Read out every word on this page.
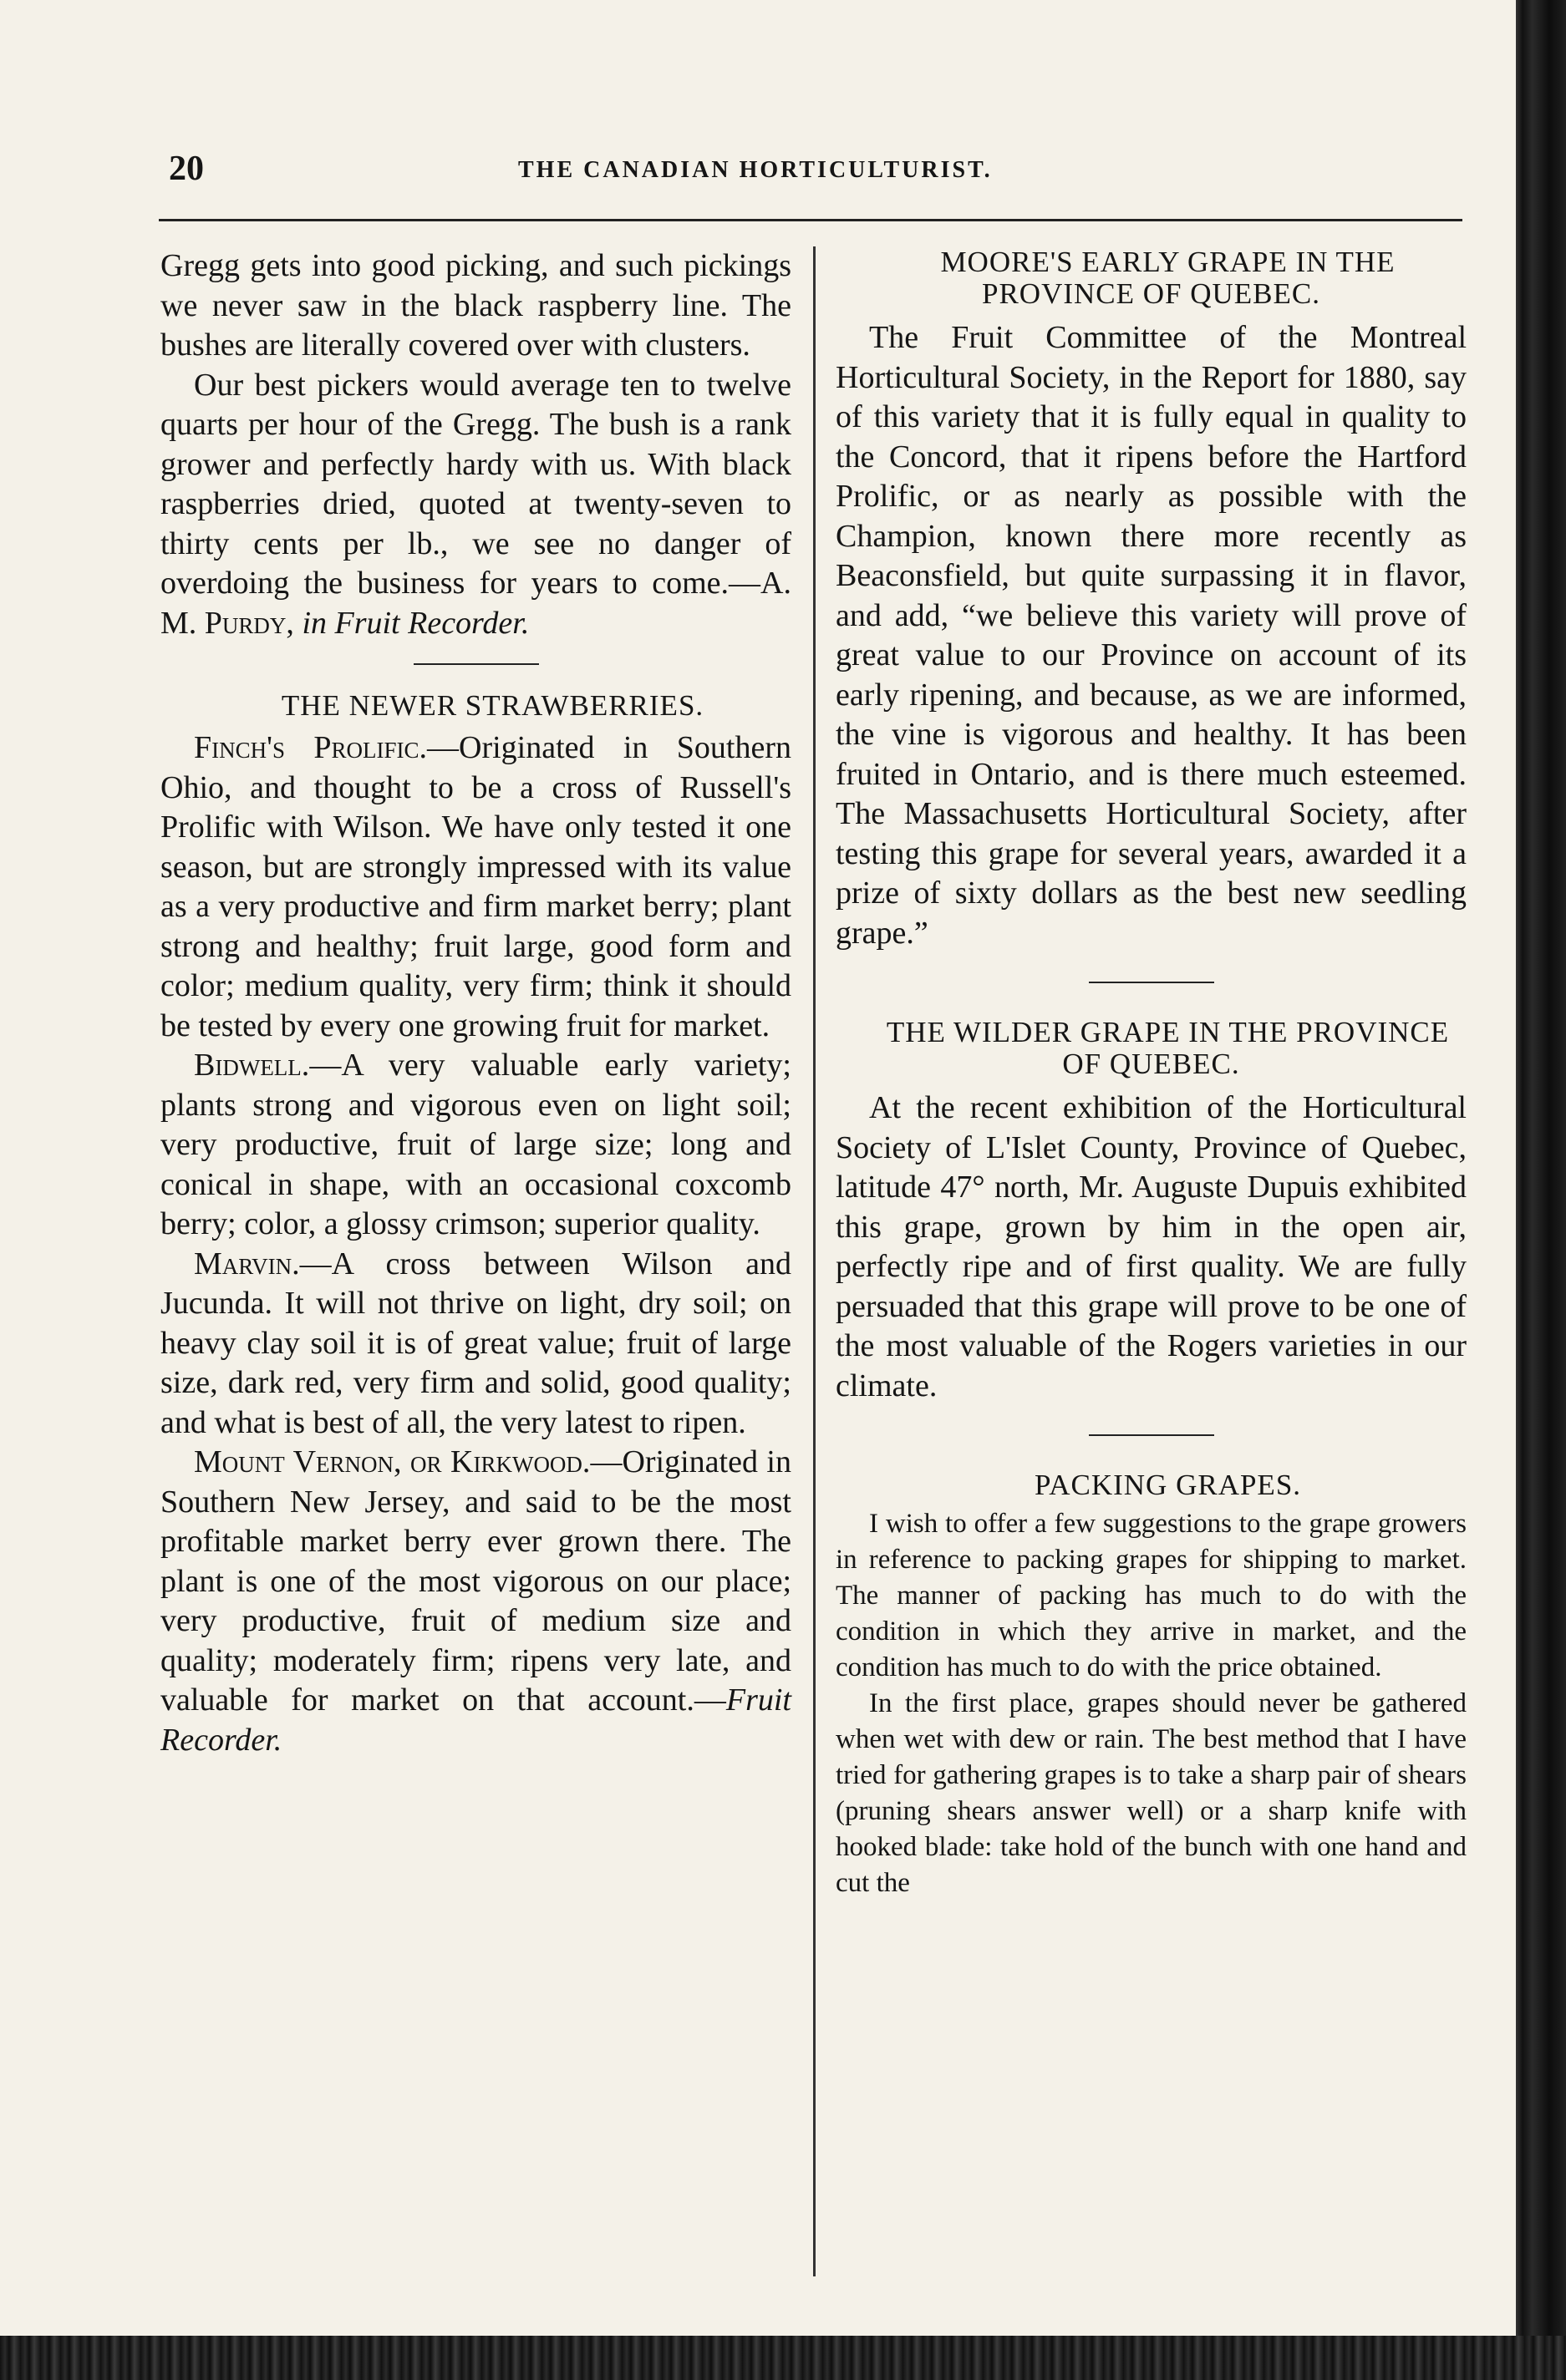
20	THE CANADIAN HORTICULTURIST.

Gregg gets into good picking, and such pickings we never saw in the black raspberry line. The bushes are literally covered over with clusters.

Our best pickers would average ten to twelve quarts per hour of the Gregg. The bush is a rank grower and perfectly hardy with us. With black raspberries dried, quoted at twenty-seven to thirty cents per lb., we see no danger of overdoing the business for years to come.—A. M. Purdy, in Fruit Recorder.

THE NEWER STRAWBERRIES.

Finch's Prolific.—Originated in Southern Ohio, and thought to be a cross of Russell's Prolific with Wilson. We have only tested it one season, but are strongly impressed with its value as a very productive and firm market berry; plant strong and healthy; fruit large, good form and color; medium quality, very firm; think it should be tested by every one growing fruit for market.

Bidwell.—A very valuable early variety; plants strong and vigorous even on light soil; very productive, fruit of large size; long and conical in shape, with an occasional coxcomb berry; color, a glossy crimson; superior quality.

Marvin.—A cross between Wilson and Jucunda. It will not thrive on light, dry soil; on heavy clay soil it is of great value; fruit of large size, dark red, very firm and solid, good quality; and what is best of all, the very latest to ripen.

Mount Vernon, or Kirkwood.—Originated in Southern New Jersey, and said to be the most profitable market berry ever grown there. The plant is one of the most vigorous on our place; very productive, fruit of medium size and quality; moderately firm; ripens very late, and valuable for market on that account.—Fruit Recorder.

MOORE'S EARLY GRAPE IN THE PROVINCE OF QUEBEC.

The Fruit Committee of the Montreal Horticultural Society, in the Report for 1880, say of this variety that it is fully equal in quality to the Concord, that it ripens before the Hartford Prolific, or as nearly as possible with the Champion, known there more recently as Beaconsfield, but quite surpassing it in flavor, and add, “we believe this variety will prove of great value to our Province on account of its early ripening, and because, as we are informed, the vine is vigorous and healthy. It has been fruited in Ontario, and is there much esteemed. The Massachusetts Horticultural Society, after testing this grape for several years, awarded it a prize of sixty dollars as the best new seedling grape.”

THE WILDER GRAPE IN THE PROVINCE OF QUEBEC.

At the recent exhibition of the Horticultural Society of L'Islet County, Province of Quebec, latitude 47° north, Mr. Auguste Dupuis exhibited this grape, grown by him in the open air, perfectly ripe and of first quality. We are fully persuaded that this grape will prove to be one of the most valuable of the Rogers varieties in our climate.

PACKING GRAPES.

I wish to offer a few suggestions to the grape growers in reference to packing grapes for shipping to market. The manner of packing has much to do with the condition in which they arrive in market, and the condition has much to do with the price obtained.

In the first place, grapes should never be gathered when wet with dew or rain. The best method that I have tried for gathering grapes is to take a sharp pair of shears (pruning shears answer well) or a sharp knife with hooked blade: take hold of the bunch with one hand and cut the
